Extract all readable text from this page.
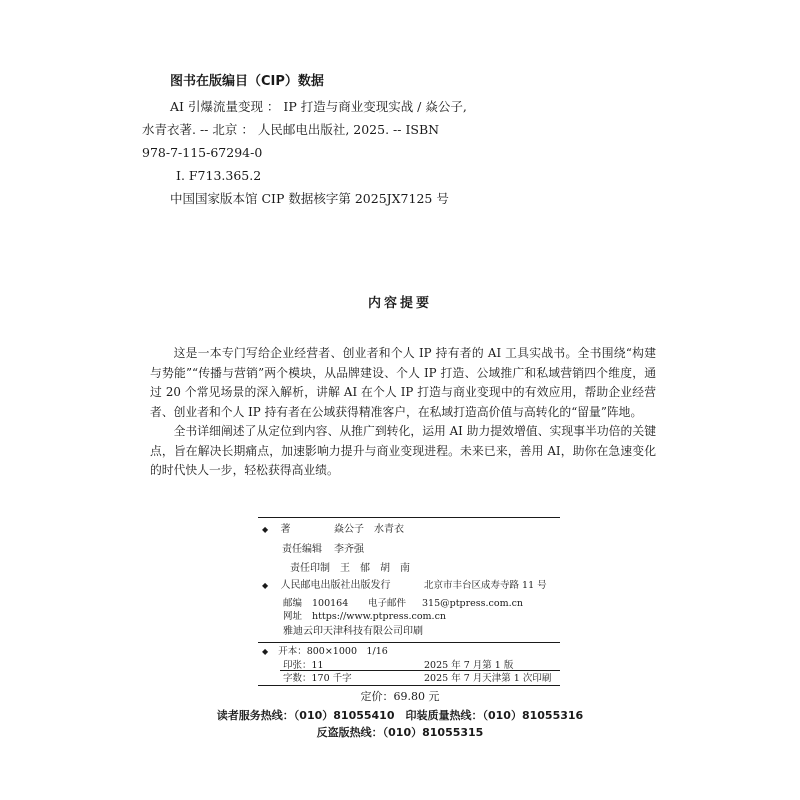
图书在版编目（CIP）数据
AI 引爆流量变现 ： IP 打造与商业变现实战 / 焱公子,
水青衣著. -- 北京 ： 人民邮电出版社, 2025. -- ISBN
978-7-115-67294-0
Ⅰ. F713.365.2
中国国家版本馆 CIP 数据核字第 2025JX7125 号
内容提要

这是一本专门写给企业经营者、创业者和个人 IP 持有者的 AI 工具实战书。全书围绕“构建与势能”“传播与营销”两个模块，从品牌建设、个人 IP 打造、公域推广和私域营销四个维度，通过 20 个常见场景的深入解析，讲解 AI 在个人 IP 打造与商业变现中的有效应用，帮助企业经营者、创业者和个人 IP 持有者在公域获得精准客户，在私域打造高价值与高转化的“留量”阵地。

全书详细阐述了从定位到内容、从推广到转化，运用 AI 助力提效增值、实现事半功倍的关键点，旨在解决长期痛点，加速影响力提升与商业变现进程。未来已来，善用 AI，助你在急速变化的时代快人一步，轻松获得高业绩。

◆ 著	焱公子　水青衣
责任编辑 李齐强
责任印制 王　郁　胡　南
◆ 人民邮电出版社出版发行	北京市丰台区成寿寺路 11 号
邮编 100164 电子邮件 315@ptpress.com.cn
网址 https://www.ptpress.com.cn
雅迪云印天津科技有限公司印刷
◆ 开本：800×1000　1/16
印张：11	2025 年 7 月第 1 版
字数：170 千字	2025 年 7 月天津第 1 次印刷
定价：69.80 元
读者服务热线：（010）81055410　印装质量热线：（010）81055316
反盗版热线：（010）81055315
